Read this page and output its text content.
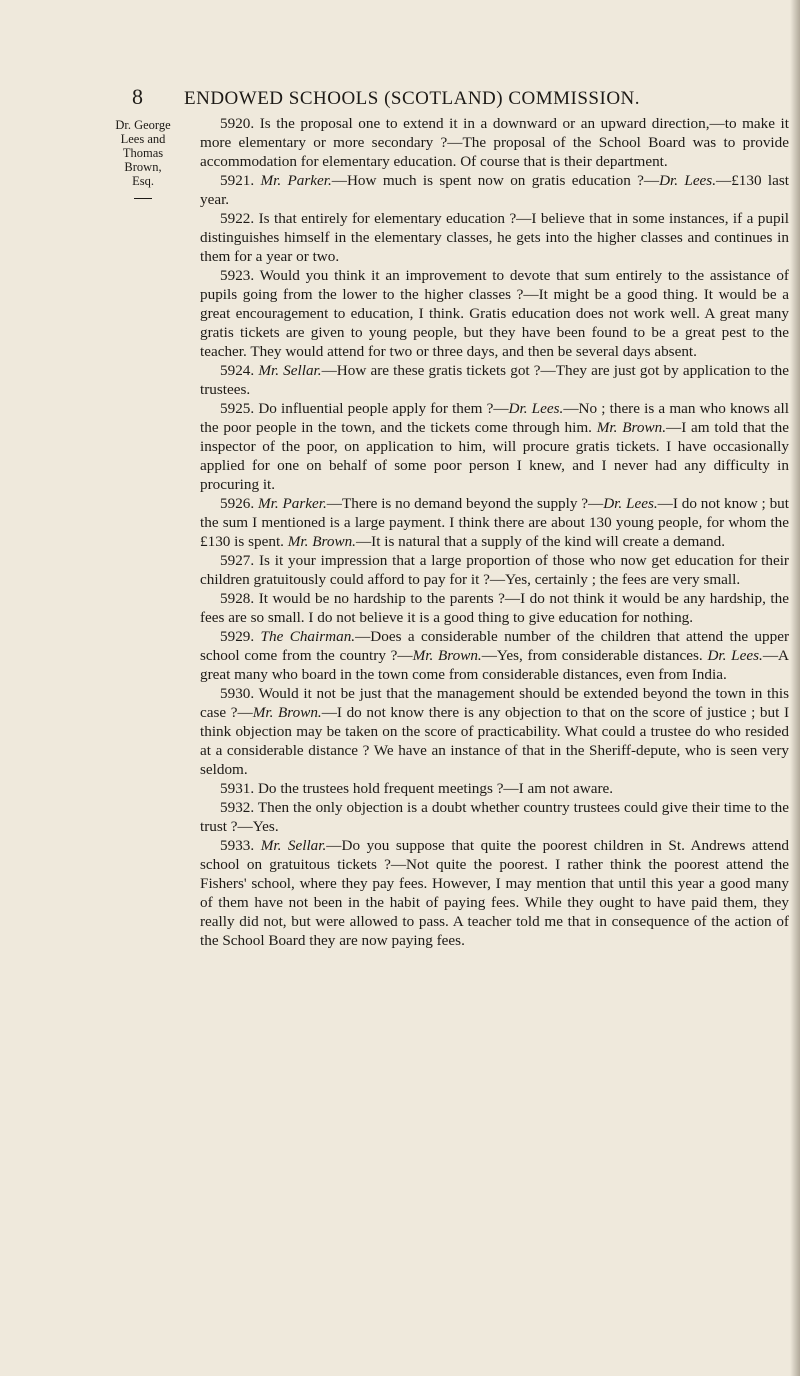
8	ENDOWED SCHOOLS (SCOTLAND) COMMISSION.
Dr. George
Lees and
Thomas
Brown,
Esq.

5920. Is the proposal one to extend it in a downward or an upward direction,—to make it more elementary or more secondary ?—The proposal of the School Board was to provide accommodation for elementary education. Of course that is their department.

5921. Mr. Parker.—How much is spent now on gratis education ?—Dr. Lees.—£130 last year.

5922. Is that entirely for elementary education ?—I believe that in some instances, if a pupil distinguishes himself in the elementary classes, he gets into the higher classes and continues in them for a year or two.

5923. Would you think it an improvement to devote that sum entirely to the assistance of pupils going from the lower to the higher classes ?—It might be a good thing. It would be a great encouragement to education, I think. Gratis education does not work well. A great many gratis tickets are given to young people, but they have been found to be a great pest to the teacher. They would attend for two or three days, and then be several days absent.

5924. Mr. Sellar.—How are these gratis tickets got ?—They are just got by application to the trustees.

5925. Do influential people apply for them ?—Dr. Lees.—No ; there is a man who knows all the poor people in the town, and the tickets come through him. Mr. Brown.—I am told that the inspector of the poor, on application to him, will procure gratis tickets. I have occasionally applied for one on behalf of some poor person I knew, and I never had any difficulty in procuring it.

5926. Mr. Parker.—There is no demand beyond the supply ?—Dr. Lees.—I do not know ; but the sum I mentioned is a large payment. I think there are about 130 young people, for whom the £130 is spent. Mr. Brown.—It is natural that a supply of the kind will create a demand.

5927. Is it your impression that a large proportion of those who now get education for their children gratuitously could afford to pay for it ?—Yes, certainly ; the fees are very small.

5928. It would be no hardship to the parents ?—I do not think it would be any hardship, the fees are so small. I do not believe it is a good thing to give education for nothing.

5929. The Chairman.—Does a considerable number of the children that attend the upper school come from the country ?—Mr. Brown.—Yes, from considerable distances. Dr. Lees.—A great many who board in the town come from considerable distances, even from India.

5930. Would it not be just that the management should be extended beyond the town in this case ?—Mr. Brown.—I do not know there is any objection to that on the score of justice ; but I think objection may be taken on the score of practicability. What could a trustee do who resided at a considerable distance ? We have an instance of that in the Sheriff-depute, who is seen very seldom.

5931. Do the trustees hold frequent meetings ?—I am not aware.

5932. Then the only objection is a doubt whether country trustees could give their time to the trust ?—Yes.

5933. Mr. Sellar.—Do you suppose that quite the poorest children in St. Andrews attend school on gratuitous tickets ?—Not quite the poorest. I rather think the poorest attend the Fishers' school, where they pay fees. However, I may mention that until this year a good many of them have not been in the habit of paying fees. While they ought to have paid them, they really did not, but were allowed to pass. A teacher told me that in consequence of the action of the School Board they are now paying fees.
